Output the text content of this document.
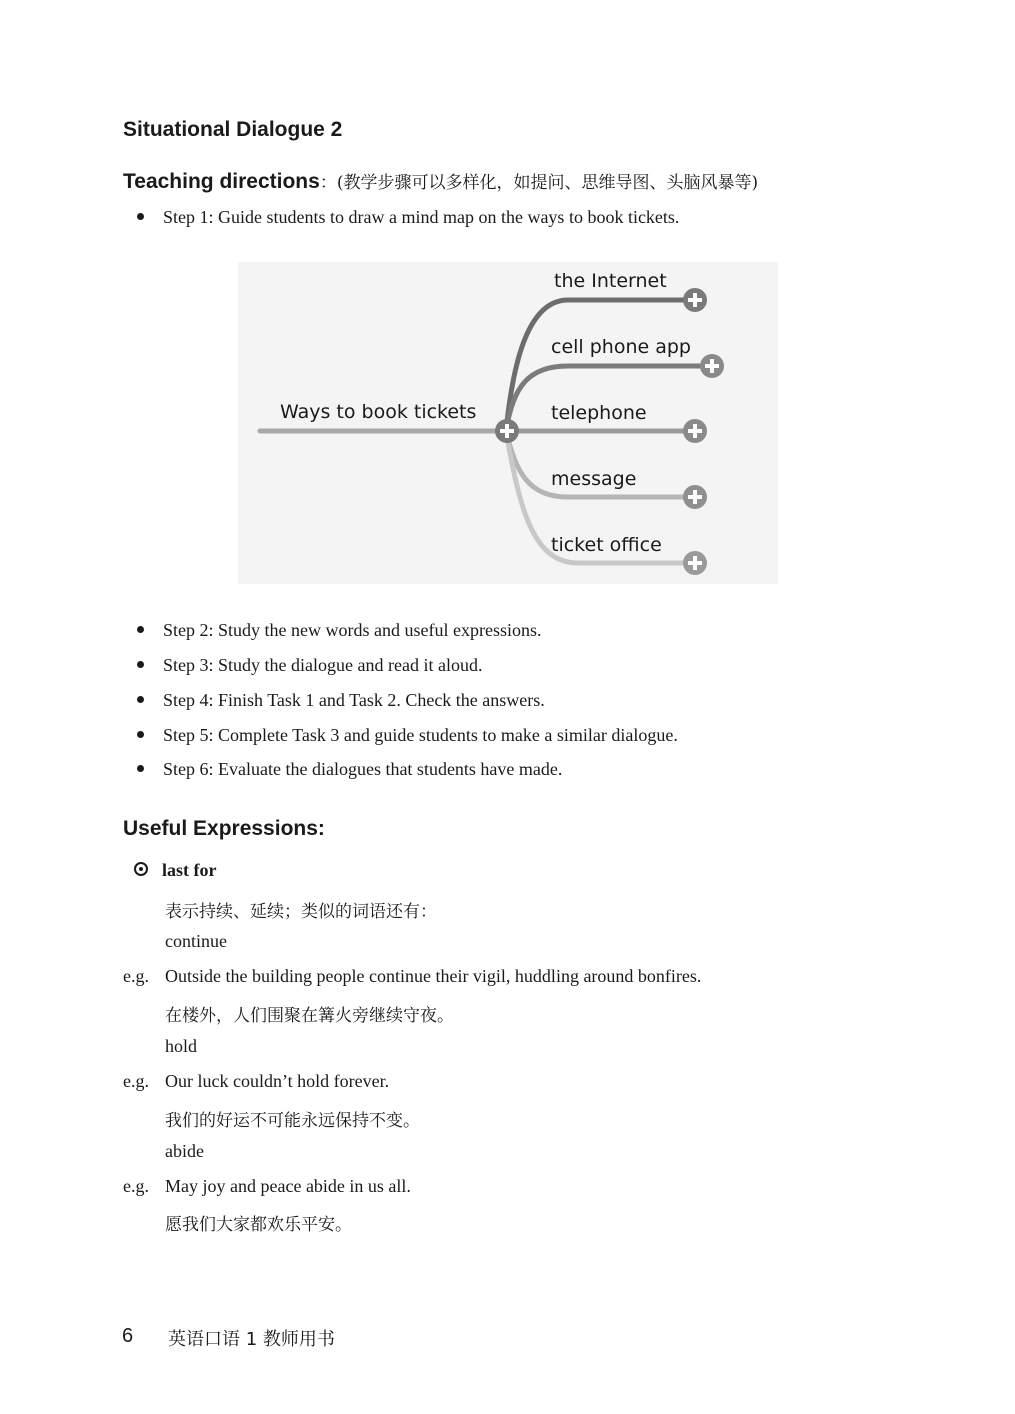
Situational Dialogue 2
Teaching directions：(教学步骤可以多样化，如提问、思维导图、头脑风暴等)
Step 1: Guide students to draw a mind map on the ways to book tickets.
Ways to book tickets
the Internet
cell phone app
telephone
message
ticket office
Step 2: Study the new words and useful expressions.
Step 3: Study the dialogue and read it aloud.
Step 4: Finish Task 1 and Task 2. Check the answers.
Step 5: Complete Task 3 and guide students to make a similar dialogue.
Step 6: Evaluate the dialogues that students have made.
Useful Expressions:
last for
表示持续、延续；类似的词语还有：
continue
e.g. Outside the building people continue their vigil, huddling around bonfires.
在楼外，人们围聚在篝火旁继续守夜。
hold
e.g. Our luck couldn’t hold forever.
我们的好运不可能永远保持不变。
abide
e.g. May joy and peace abide in us all.
愿我们大家都欢乐平安。
6 英语口语 1 教师用书
